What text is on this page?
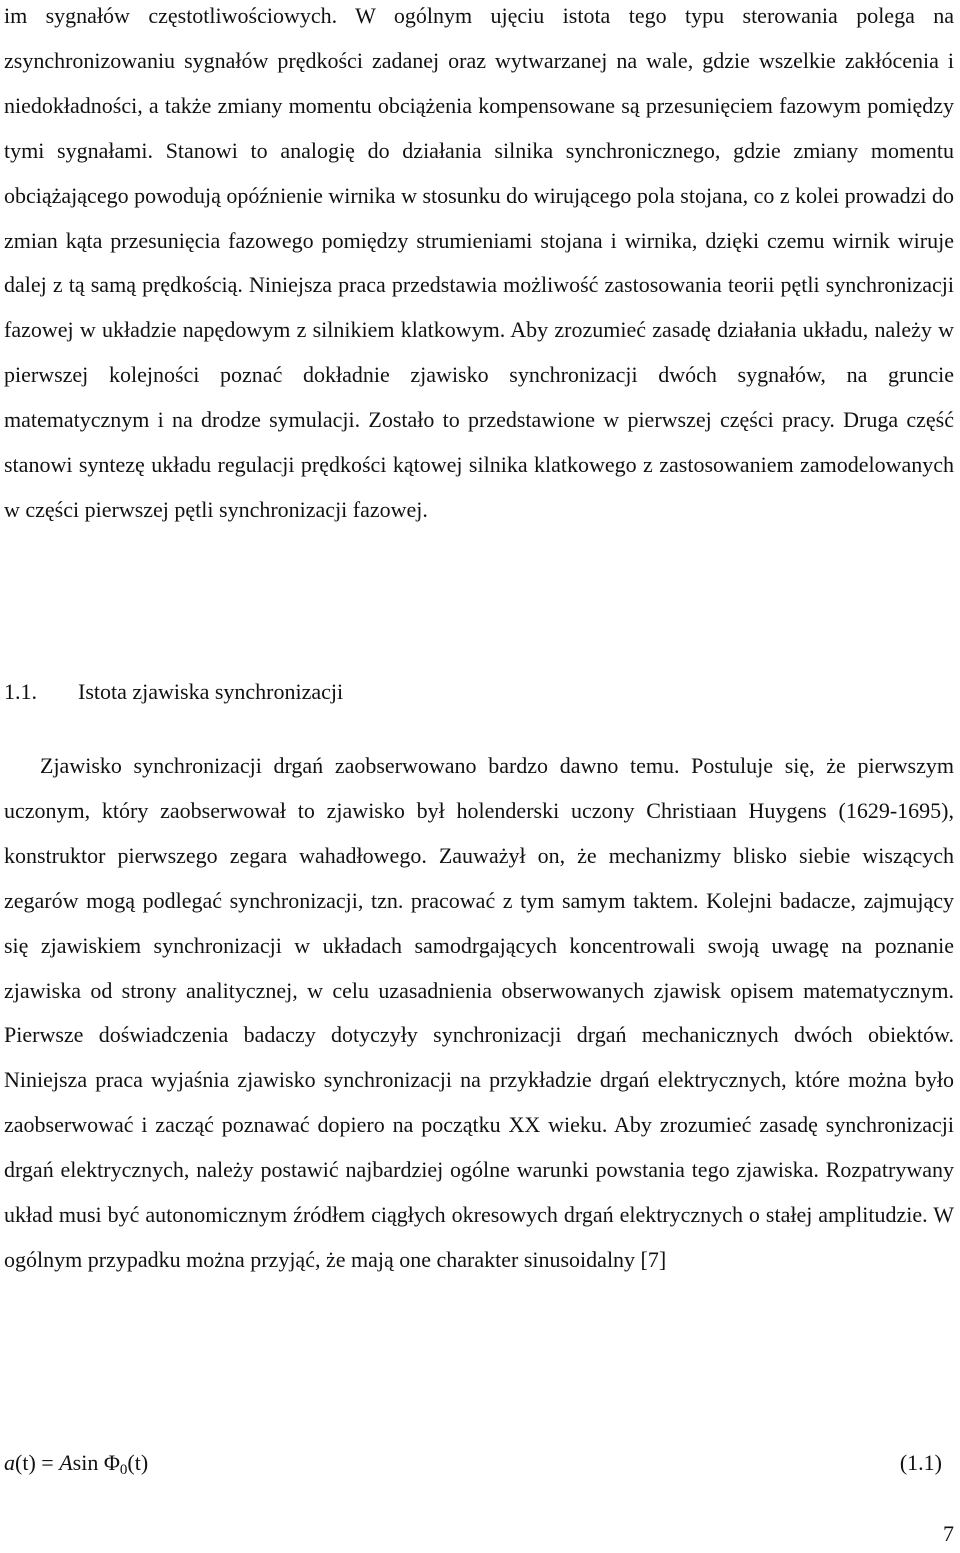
im sygnałów częstotliwościowych. W ogólnym ujęciu istota tego typu sterowania polega na zsynchronizowaniu sygnałów prędkości zadanej oraz wytwarzanej na wale, gdzie wszelkie zakłócenia i niedokładności, a także zmiany momentu obciążenia kompensowane są przesunięciem fazowym pomiędzy tymi sygnałami. Stanowi to analogię do działania silnika synchronicznego, gdzie zmiany momentu obciążającego powodują opóźnienie wirnika w stosunku do wirującego pola stojana, co z kolei prowadzi do zmian kąta przesunięcia fazowego pomiędzy strumieniami stojana i wirnika, dzięki czemu wirnik wiruje dalej z tą samą prędkością. Niniejsza praca przedstawia możliwość zastosowania teorii pętli synchronizacji fazowej w układzie napędowym z silnikiem klatkowym. Aby zrozumieć zasadę działania układu, należy w pierwszej kolejności poznać dokładnie zjawisko synchronizacji dwóch sygnałów, na gruncie matematycznym i na drodze symulacji. Zostało to przedstawione w pierwszej części pracy. Druga część stanowi syntezę układu regulacji prędkości kątowej silnika klatkowego z zastosowaniem zamodelowanych w części pierwszej pętli synchronizacji fazowej.

1.1. Istota zjawiska synchronizacji

Zjawisko synchronizacji drgań zaobserwowano bardzo dawno temu. Postuluje się, że pierwszym uczonym, który zaobserwował to zjawisko był holenderski uczony Christiaan Huygens (1629-1695), konstruktor pierwszego zegara wahadłowego. Zauważył on, że mechanizmy blisko siebie wiszących zegarów mogą podlegać synchronizacji, tzn. pracować z tym samym taktem. Kolejni badacze, zajmujący się zjawiskiem synchronizacji w układach samodrgających koncentrowali swoją uwagę na poznanie zjawiska od strony analitycznej, w celu uzasadnienia obserwowanych zjawisk opisem matematycznym. Pierwsze doświadczenia badaczy dotyczyły synchronizacji drgań mechanicznych dwóch obiektów. Niniejsza praca wyjaśnia zjawisko synchronizacji na przykładzie drgań elektrycznych, które można było zaobserwować i zacząć poznawać dopiero na początku XX wieku. Aby zrozumieć zasadę synchronizacji drgań elektrycznych, należy postawić najbardziej ogólne warunki powstania tego zjawiska. Rozpatrywany układ musi być autonomicznym źródłem ciągłych okresowych drgań elektrycznych o stałej amplitudzie. W ogólnym przypadku można przyjąć, że mają one charakter sinusoidalny [7]

a(t) = Asin $\Phi_0(t)$	(1.1)
7
